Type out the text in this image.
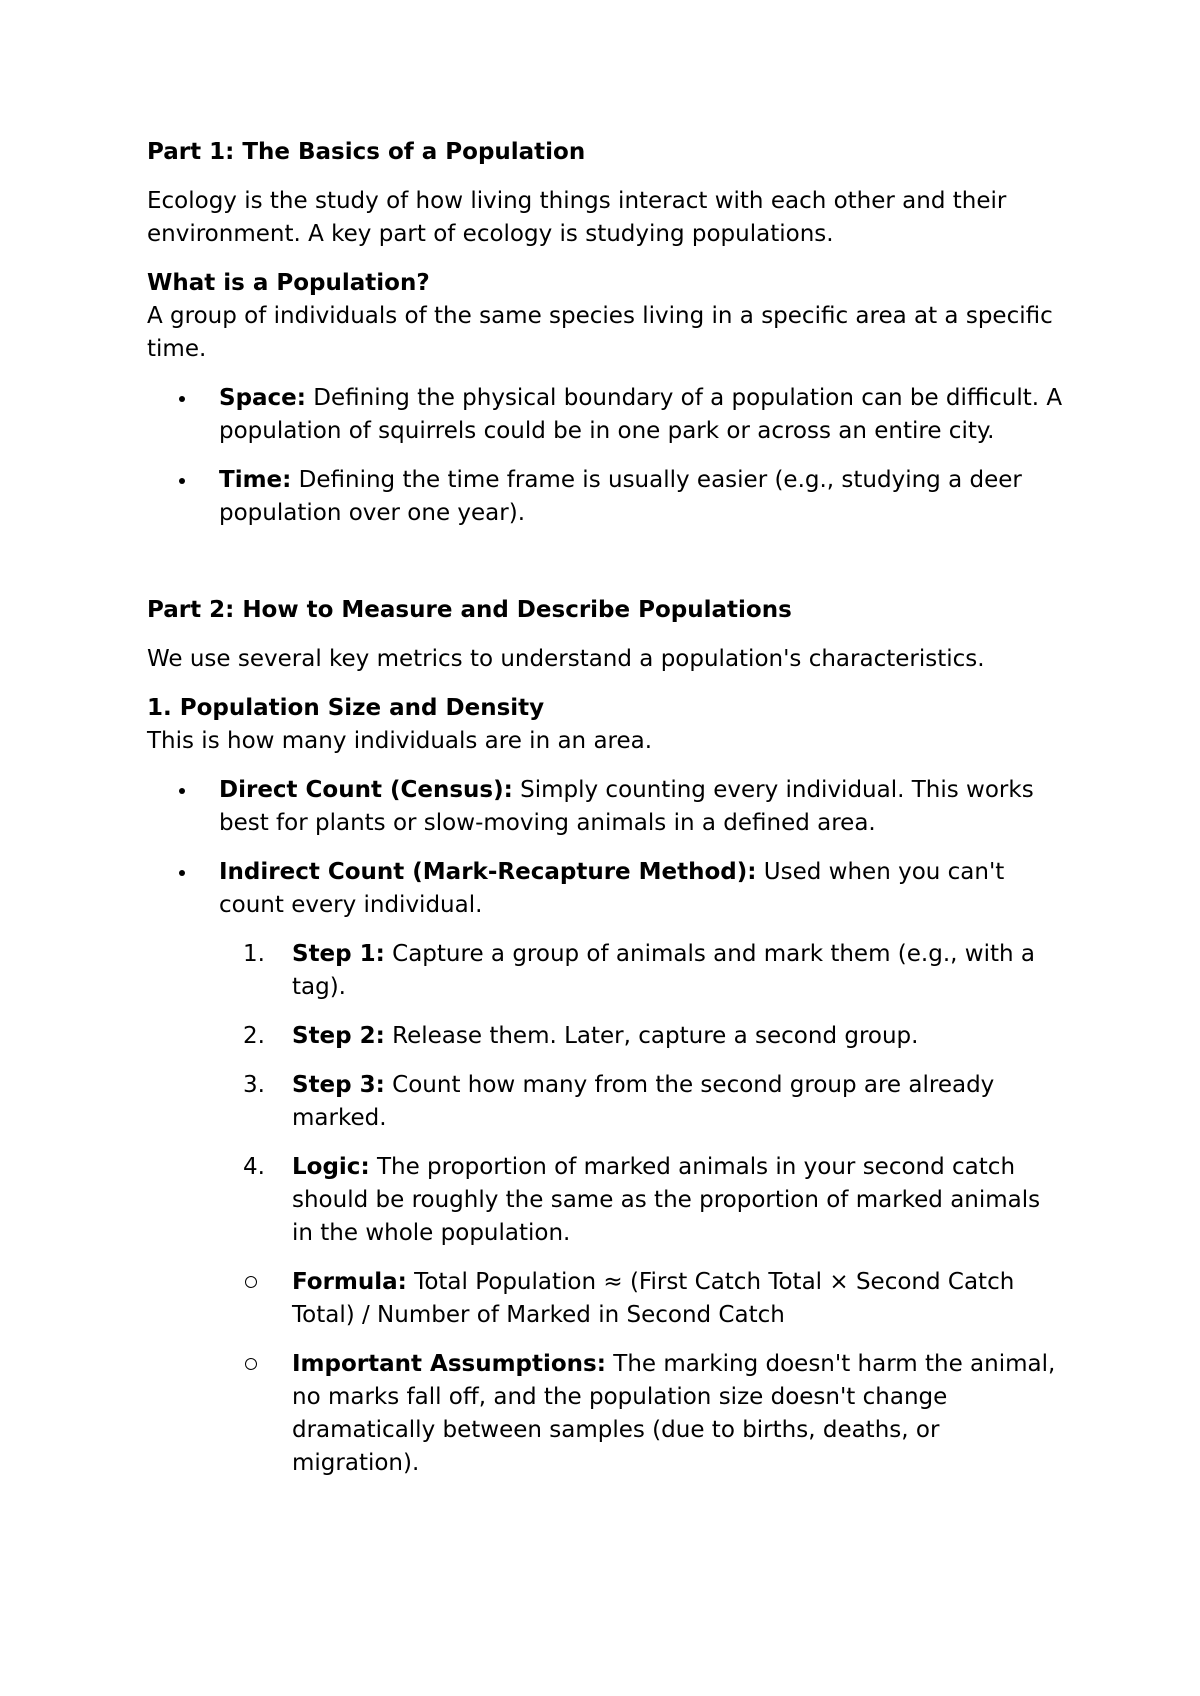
Part 1: The Basics of a Population

Ecology is the study of how living things interact with each other and their environment. A key part of ecology is studying populations.

What is a Population?

A group of individuals of the same species living in a specific area at a specific time.

Space: Defining the physical boundary of a population can be difficult. A population of squirrels could be in one park or across an entire city.
Time: Defining the time frame is usually easier (e.g., studying a deer population over one year).
Part 2: How to Measure and Describe Populations

We use several key metrics to understand a population's characteristics.

1. Population Size and Density

This is how many individuals are in an area.

Direct Count (Census): Simply counting every individual. This works best for plants or slow-moving animals in a defined area.
Indirect Count (Mark-Recapture Method): Used when you can't count every individual.
1.	Step 1: Capture a group of animals and mark them (e.g., with a tag).
2.	Step 2: Release them. Later, capture a second group.
3.	Step 3: Count how many from the second group are already marked.
4.	Logic: The proportion of marked animals in your second catch should be roughly the same as the proportion of marked animals in the whole population.
Formula: Total Population ≈ (First Catch Total × Second Catch Total) / Number of Marked in Second Catch
Important Assumptions: The marking doesn't harm the animal, no marks fall off, and the population size doesn't change dramatically between samples (due to births, deaths, or migration).
